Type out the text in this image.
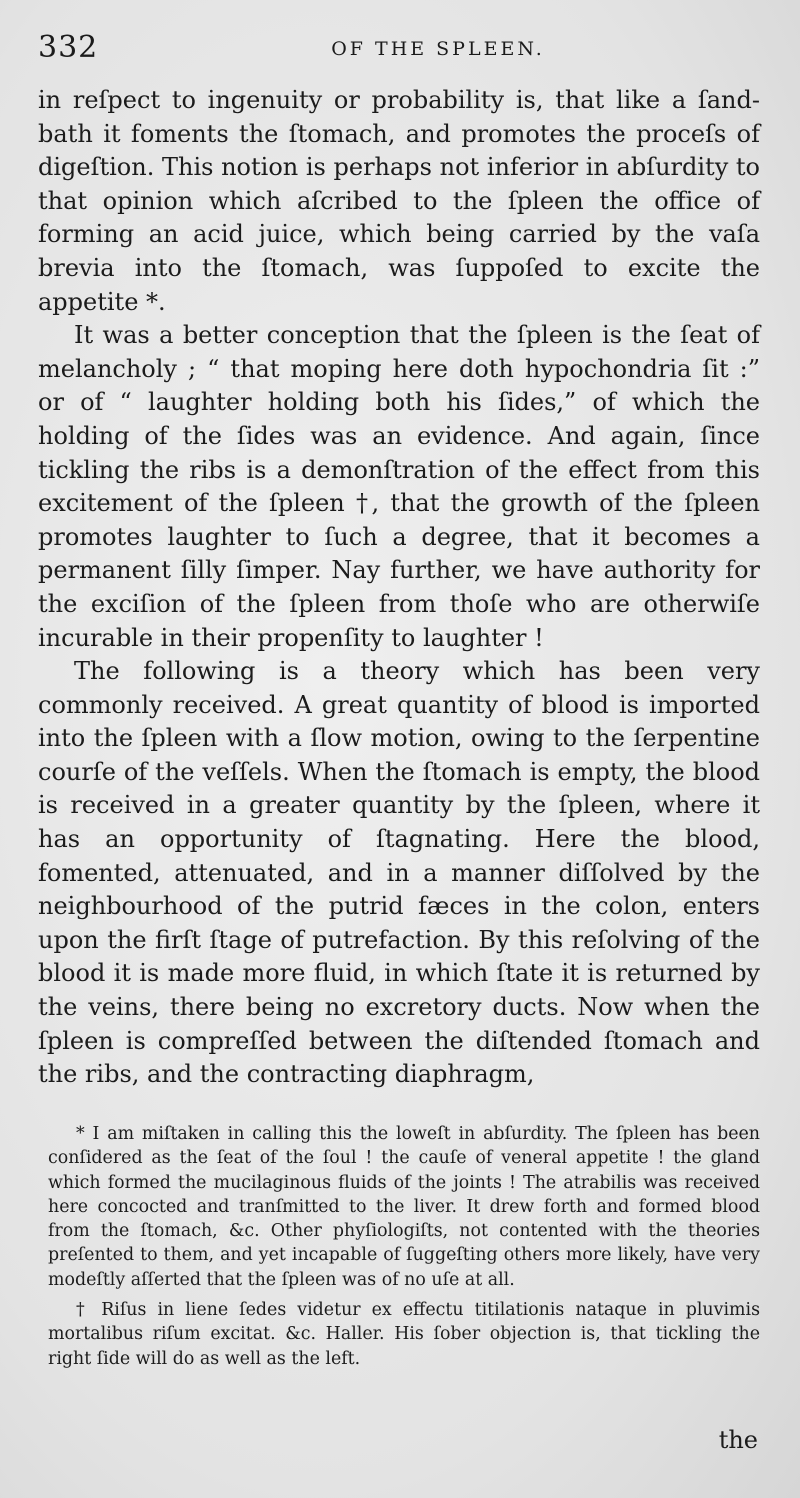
332	OF THE SPLEEN.

in reſpect to ingenuity or probability is, that like a ſand-bath it foments the ſtomach, and promotes the proceſs of digeſtion. This notion is perhaps not inferior in abſurdity to that opinion which aſcribed to the ſpleen the office of forming an acid juice, which being carried by the vaſa brevia into the ſtomach, was ſuppoſed to excite the appetite *.

It was a better conception that the ſpleen is the ſeat of melancholy ; “ that moping here doth hypochondria ſit :” or of “ laughter holding both his ſides,” of which the holding of the ſides was an evidence. And again, ſince tickling the ribs is a demonſtration of the effect from this excitement of the ſpleen †, that the growth of the ſpleen promotes laughter to ſuch a degree, that it becomes a permanent ſilly ſimper. Nay further, we have authority for the exciſion of the ſpleen from thoſe who are otherwiſe incurable in their propenſity to laughter !

The following is a theory which has been very commonly received. A great quantity of blood is imported into the ſpleen with a ſlow motion, owing to the ſerpentine courſe of the veſſels. When the ſtomach is empty, the blood is received in a greater quantity by the ſpleen, where it has an opportunity of ſtagnating. Here the blood, fomented, attenuated, and in a manner diſſolved by the neighbourhood of the putrid fæces in the colon, enters upon the firſt ſtage of putrefaction. By this reſolving of the blood it is made more fluid, in which ſtate it is returned by the veins, there being no excretory ducts. Now when the ſpleen is compreſſed between the diſtended ſtomach and the ribs, and the contracting diaphragm,

* I am miſtaken in calling this the loweſt in abſurdity. The ſpleen has been conſidered as the ſeat of the ſoul ! the cauſe of veneral appetite ! the gland which formed the mucilaginous fluids of the joints ! The atrabilis was received here concocted and tranſmitted to the liver. It drew forth and formed blood from the ſtomach, &c. Other phyſiologiſts, not contented with the theories preſented to them, and yet incapable of ſuggeſting others more likely, have very modeſtly aſſerted that the ſpleen was of no uſe at all.

† Riſus in liene ſedes videtur ex effectu titilationis nataque in pluvimis mortalibus riſum excitat. &c. Haller. His ſober objection is, that tickling the right ſide will do as well as the left.

the
